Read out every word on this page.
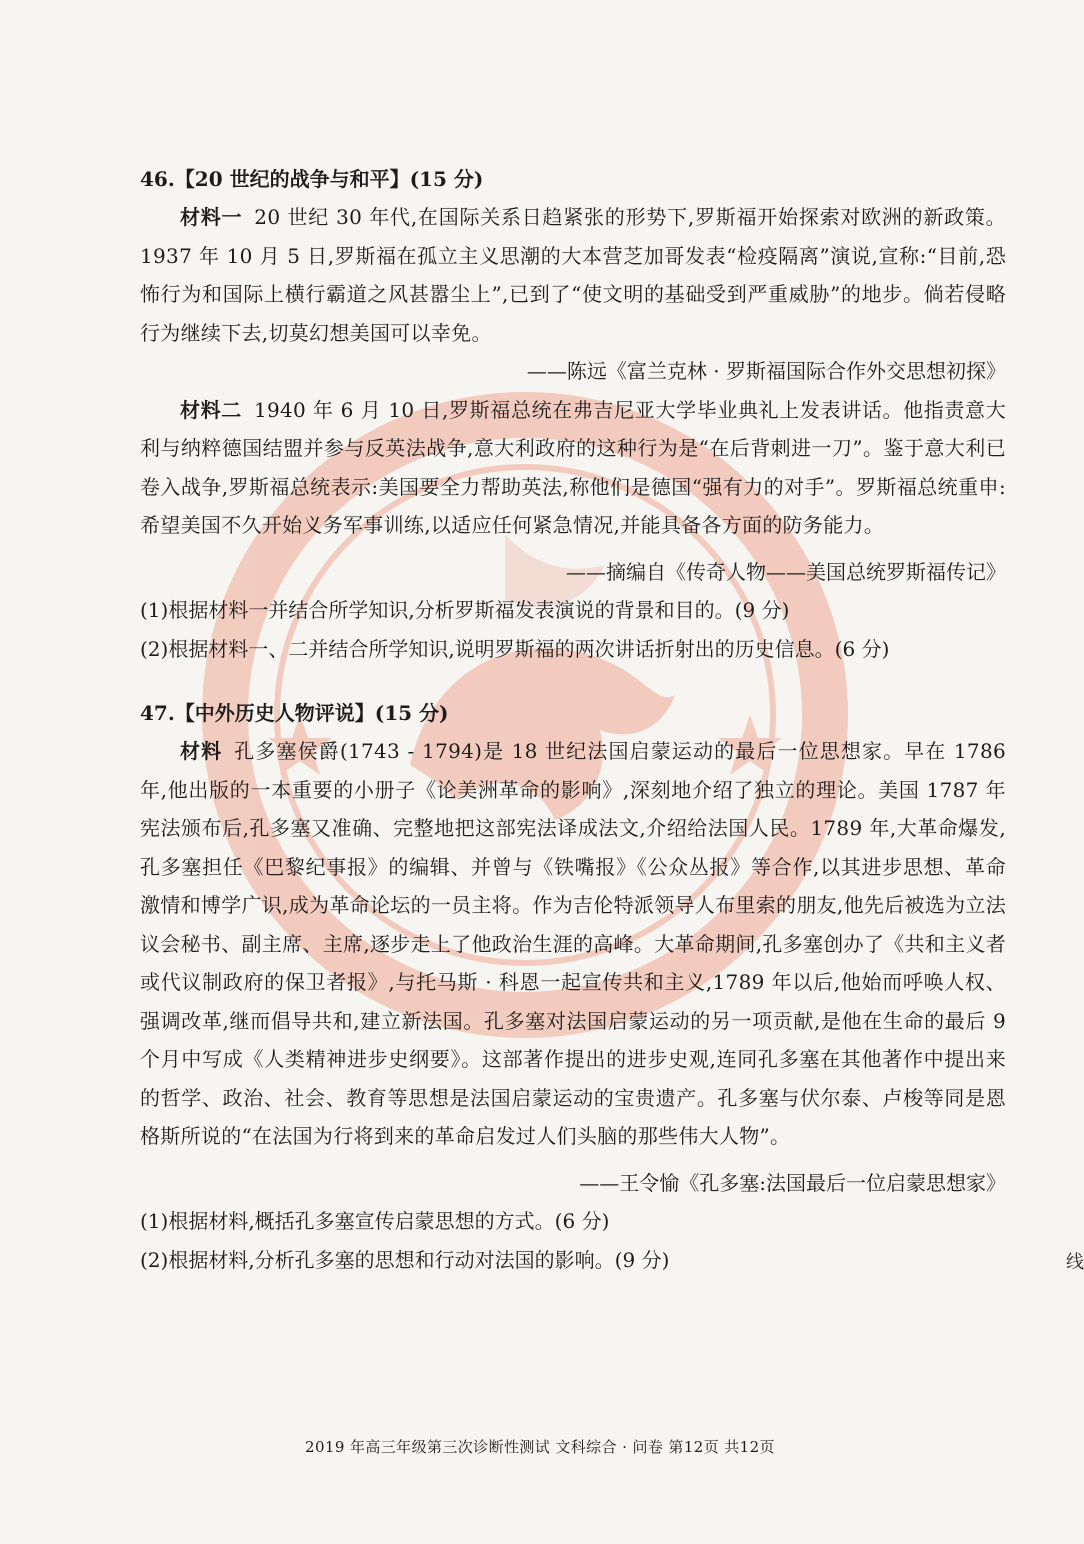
46.【20 世纪的战争与和平】(15 分)

材料一 20 世纪 30 年代,在国际关系日趋紧张的形势下,罗斯福开始探索对欧洲的新政策。1937 年 10 月 5 日,罗斯福在孤立主义思潮的大本营芝加哥发表“检疫隔离”演说,宣称:“目前,恐怖行为和国际上横行霸道之风甚嚣尘上”,已到了“使文明的基础受到严重威胁”的地步。倘若侵略行为继续下去,切莫幻想美国可以幸免。

——陈远《富兰克林 · 罗斯福国际合作外交思想初探》

材料二 1940 年 6 月 10 日,罗斯福总统在弗吉尼亚大学毕业典礼上发表讲话。他指责意大利与纳粹德国结盟并参与反英法战争,意大利政府的这种行为是“在后背刺进一刀”。鉴于意大利已卷入战争,罗斯福总统表示:美国要全力帮助英法,称他们是德国“强有力的对手”。罗斯福总统重申:希望美国不久开始义务军事训练,以适应任何紧急情况,并能具备各方面的防务能力。

——摘编自《传奇人物——美国总统罗斯福传记》

(1)根据材料一并结合所学知识,分析罗斯福发表演说的背景和目的。(9 分)

(2)根据材料一、二并结合所学知识,说明罗斯福的两次讲话折射出的历史信息。(6 分)

47.【中外历史人物评说】(15 分)

材料 孔多塞侯爵(1743 - 1794)是 18 世纪法国启蒙运动的最后一位思想家。早在 1786 年,他出版的一本重要的小册子《论美洲革命的影响》,深刻地介绍了独立的理论。美国 1787 年宪法颁布后,孔多塞又准确、完整地把这部宪法译成法文,介绍给法国人民。1789 年,大革命爆发,孔多塞担任《巴黎纪事报》的编辑、并曾与《铁嘴报》《公众丛报》等合作,以其进步思想、革命激情和博学广识,成为革命论坛的一员主将。作为吉伦特派领导人布里索的朋友,他先后被选为立法议会秘书、副主席、主席,逐步走上了他政治生涯的高峰。大革命期间,孔多塞创办了《共和主义者或代议制政府的保卫者报》,与托马斯 · 科恩一起宣传共和主义,1789 年以后,他始而呼唤人权、强调改革,继而倡导共和,建立新法国。孔多塞对法国启蒙运动的另一项贡献,是他在生命的最后 9 个月中写成《人类精神进步史纲要》。这部著作提出的进步史观,连同孔多塞在其他著作中提出来的哲学、政治、社会、教育等思想是法国启蒙运动的宝贵遗产。孔多塞与伏尔泰、卢梭等同是恩格斯所说的“在法国为行将到来的革命启发过人们头脑的那些伟大人物”。

——王令愉《孔多塞:法国最后一位启蒙思想家》

(1)根据材料,概括孔多塞宣传启蒙思想的方式。(6 分)

(2)根据材料,分析孔多塞的思想和行动对法国的影响。(9 分)

2019 年高三年级第三次诊断性测试 文科综合 · 问卷 第12页 共12页
线
